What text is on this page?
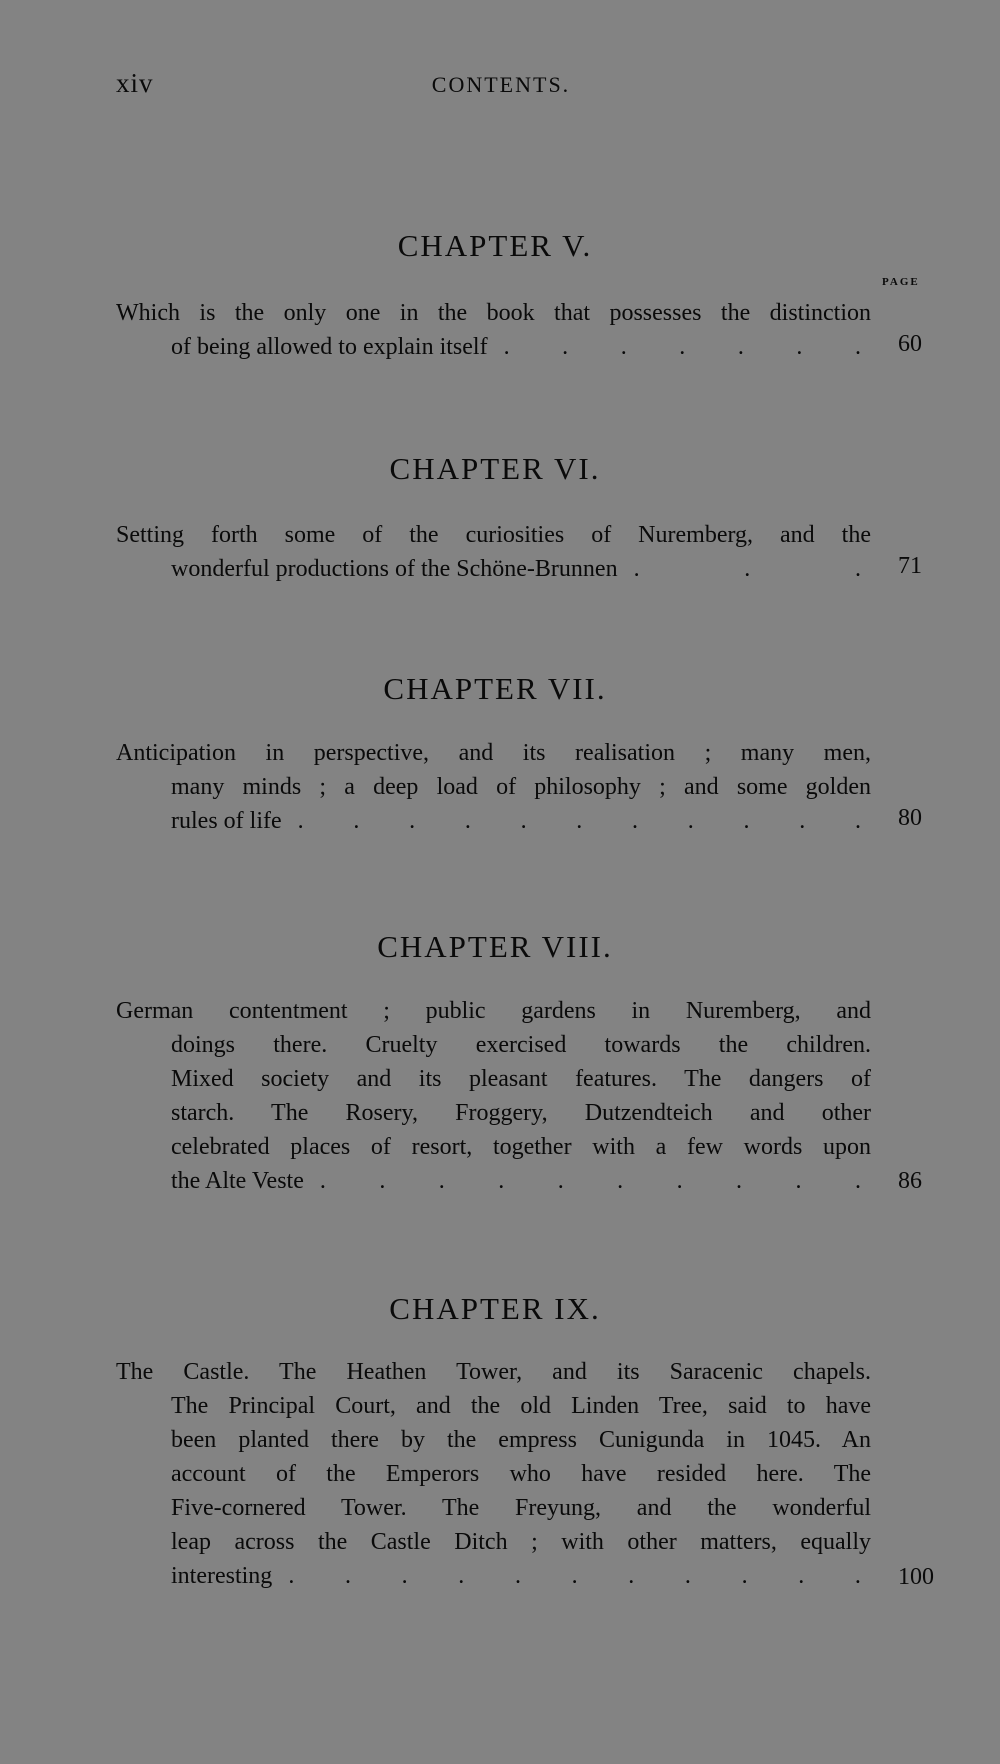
xiv	CONTENTS.
CHAPTER V.
PAGE
Which is the only one in the book that possesses the distinction
of being allowed to explain itself . . . . . . . 60
CHAPTER VI.
Setting forth some of the curiosities of Nuremberg, and the
wonderful productions of the Schöne-Brunnen .	.	. 71
CHAPTER VII.
Anticipation in perspective, and its realisation ; many men,
many minds ; a deep load of philosophy ; and some golden
rules of life . . . . . . . . . . . 80
CHAPTER VIII.
German contentment ; public gardens in Nuremberg, and
doings there. Cruelty exercised towards the children.
Mixed society and its pleasant features. The dangers of
starch. The Rosery, Froggery, Dutzendteich and other
celebrated places of resort, together with a few words upon
the Alte Veste . . . . . . . . . . 86
CHAPTER IX.
The Castle. The Heathen Tower, and its Saracenic chapels.
The Principal Court, and the old Linden Tree, said to have
been planted there by the empress Cunigunda in 1045. An
account of the Emperors who have resided here. The
Five-cornered Tower. The Freyung, and the wonderful
leap across the Castle Ditch ; with other matters, equally
interesting . . . . . . . . . . . 100
